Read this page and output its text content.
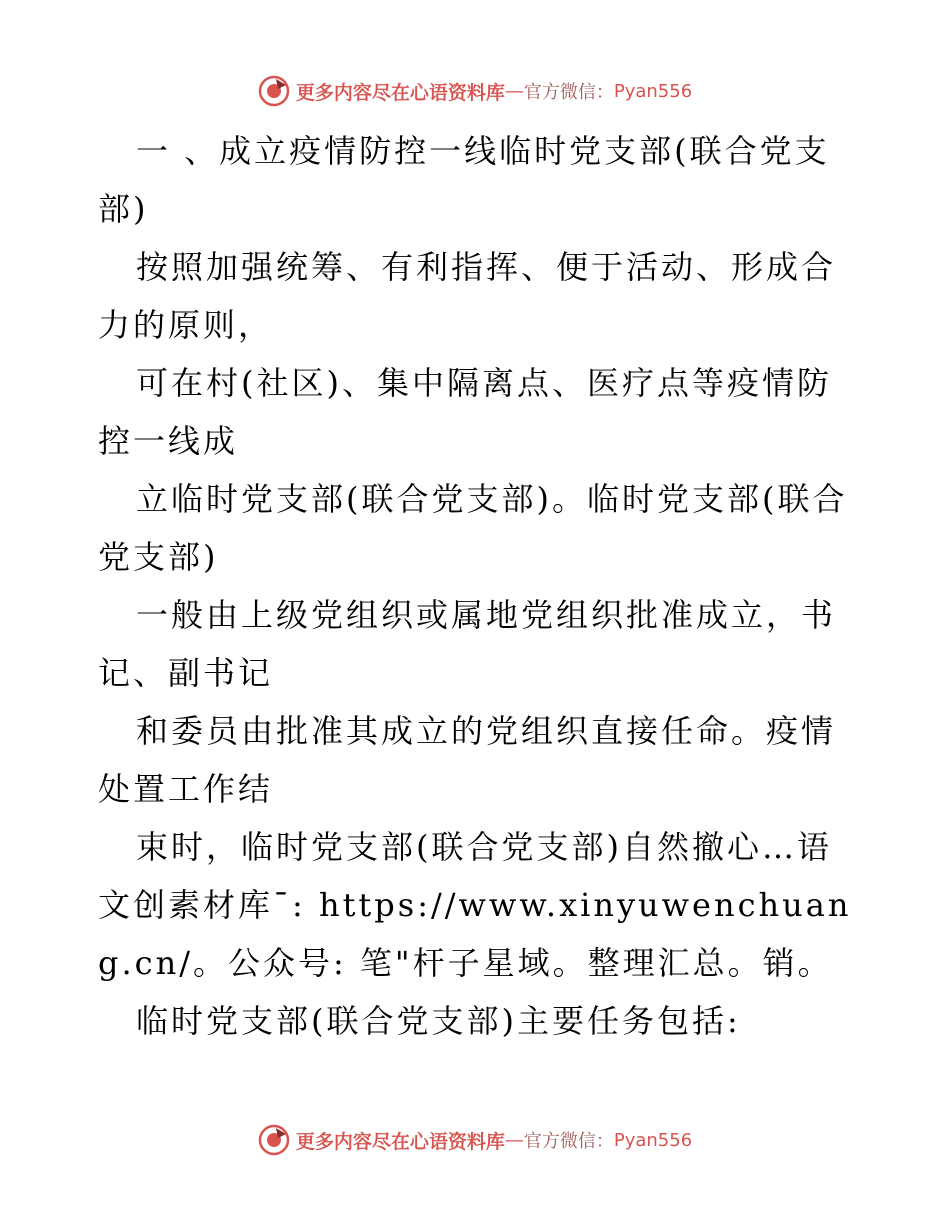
更多内容尽在心语资料库 — 官方微信： Pyan556

一 、成立疫情防控一线临时党支部(联合党支部)

按照加强统筹、有利指挥、便于活动、形成合力的原则，

可在村(社区)、集中隔离点、医疗点等疫情防控一线成

立临时党支部(联合党支部)。临时党支部(联合党支部)

一般由上级党组织或属地党组织批准成立，书记、副书记

和委员由批准其成立的党组织直接任命。疫情处置工作结

束时，临时党支部(联合党支部)自然撤心…语文创素材库¯: https://www.xinyuwenchuang.cn/。公众号: 笔"杆子星域。整理汇总。销。

临时党支部(联合党支部)主要任务包括:

更多内容尽在心语资料库 — 官方微信： Pyan556
